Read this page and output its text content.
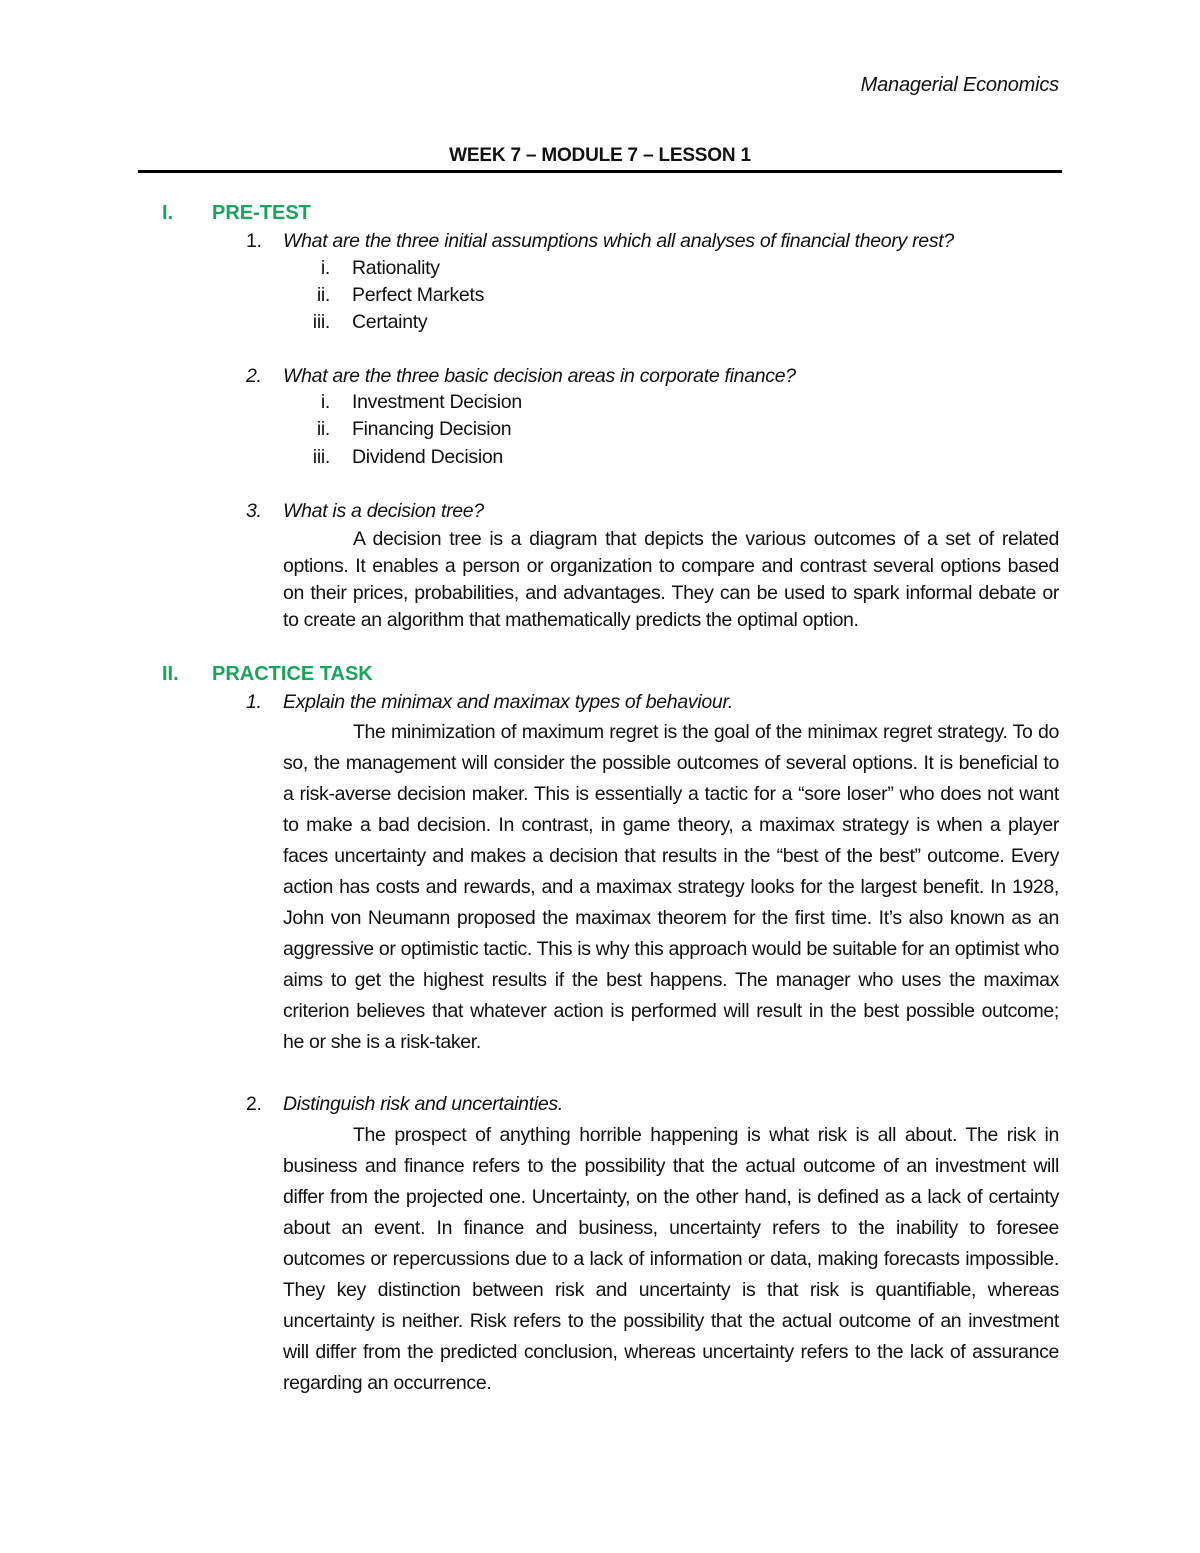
Managerial Economics
WEEK 7 – MODULE 7 – LESSON 1
I. PRE-TEST
1. What are the three initial assumptions which all analyses of financial theory rest?
i. Rationality
ii. Perfect Markets
iii. Certainty
2. What are the three basic decision areas in corporate finance?
i. Investment Decision
ii. Financing Decision
iii. Dividend Decision
3. What is a decision tree?

A decision tree is a diagram that depicts the various outcomes of a set of related options. It enables a person or organization to compare and contrast several options based on their prices, probabilities, and advantages. They can be used to spark informal debate or to create an algorithm that mathematically predicts the optimal option.

II. PRACTICE TASK
1. Explain the minimax and maximax types of behaviour.

The minimization of maximum regret is the goal of the minimax regret strategy. To do so, the management will consider the possible outcomes of several options. It is beneficial to a risk-averse decision maker. This is essentially a tactic for a “sore loser” who does not want to make a bad decision. In contrast, in game theory, a maximax strategy is when a player faces uncertainty and makes a decision that results in the “best of the best” outcome. Every action has costs and rewards, and a maximax strategy looks for the largest benefit. In 1928, John von Neumann proposed the maximax theorem for the first time. It’s also known as an aggressive or optimistic tactic. This is why this approach would be suitable for an optimist who aims to get the highest results if the best happens. The manager who uses the maximax criterion believes that whatever action is performed will result in the best possible outcome; he or she is a risk-taker.

2. Distinguish risk and uncertainties.

The prospect of anything horrible happening is what risk is all about. The risk in business and finance refers to the possibility that the actual outcome of an investment will differ from the projected one. Uncertainty, on the other hand, is defined as a lack of certainty about an event. In finance and business, uncertainty refers to the inability to foresee outcomes or repercussions due to a lack of information or data, making forecasts impossible. They key distinction between risk and uncertainty is that risk is quantifiable, whereas uncertainty is neither. Risk refers to the possibility that the actual outcome of an investment will differ from the predicted conclusion, whereas uncertainty refers to the lack of assurance regarding an occurrence.
